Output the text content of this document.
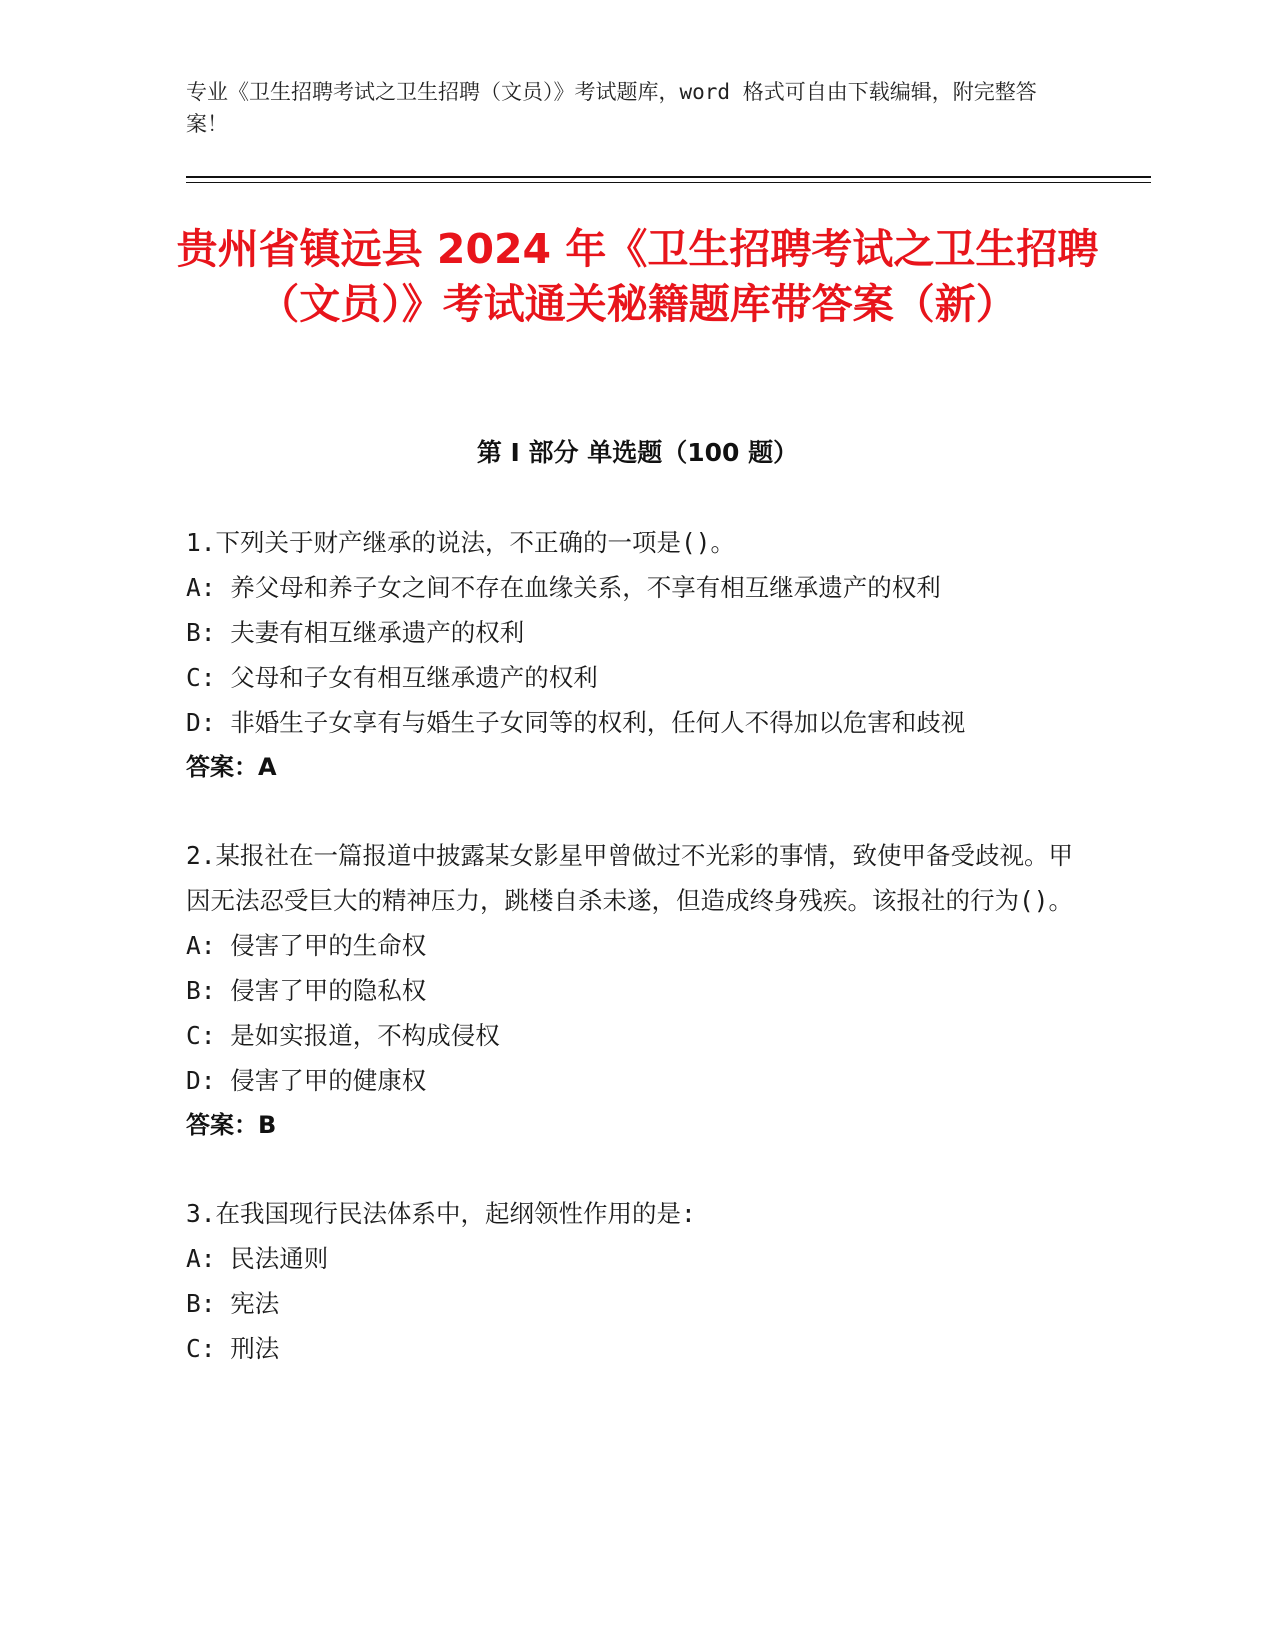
专业《卫生招聘考试之卫生招聘（文员）》考试题库，word 格式可自由下载编辑，附完整答案！
贵州省镇远县 2024 年《卫生招聘考试之卫生招聘（文员）》考试通关秘籍题库带答案（新）
第 I 部分 单选题（100 题）

1.下列关于财产继承的说法，不正确的一项是()。

A: 养父母和养子女之间不存在血缘关系，不享有相互继承遗产的权利
B: 夫妻有相互继承遗产的权利
C: 父母和子女有相互继承遗产的权利
D: 非婚生子女享有与婚生子女同等的权利，任何人不得加以危害和歧视

答案：A

2.某报社在一篇报道中披露某女影星甲曾做过不光彩的事情，致使甲备受歧视。甲因无法忍受巨大的精神压力，跳楼自杀未遂，但造成终身残疾。该报社的行为()。

A: 侵害了甲的生命权
B: 侵害了甲的隐私权
C: 是如实报道，不构成侵权
D: 侵害了甲的健康权

答案：B

3.在我国现行民法体系中，起纲领性作用的是:

A: 民法通则
B: 宪法
C: 刑法
